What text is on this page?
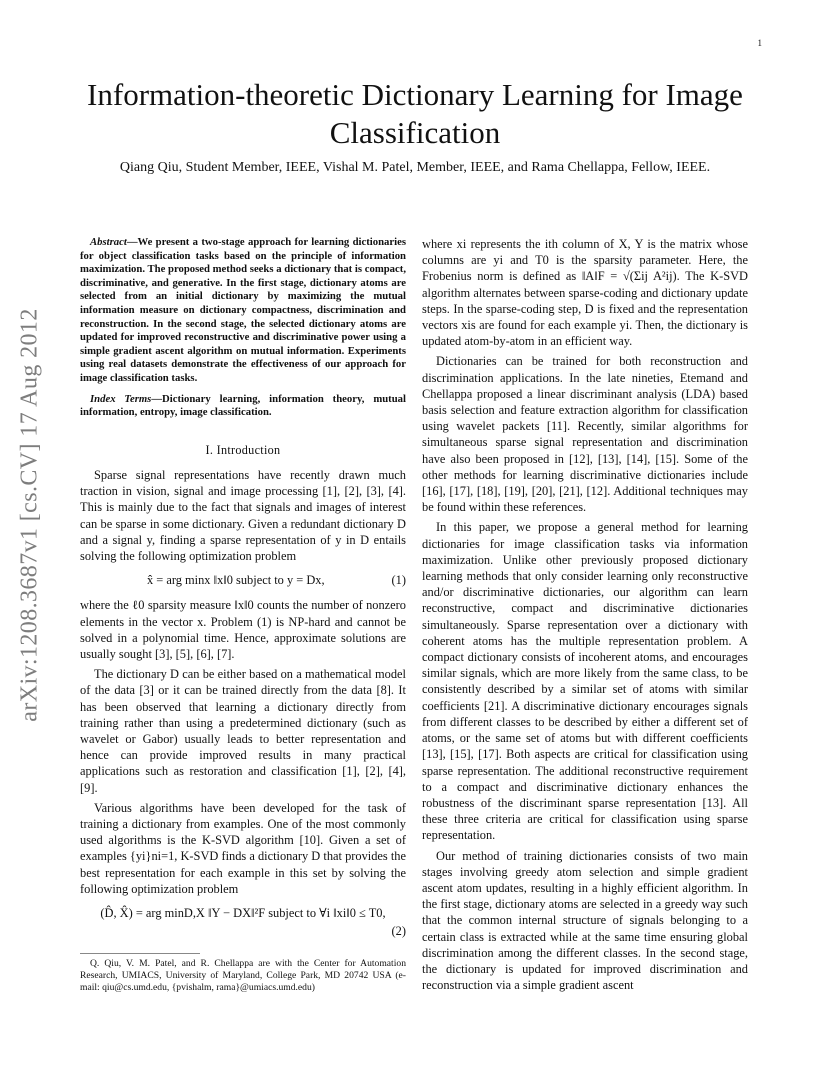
1
arXiv:1208.3687v1 [cs.CV] 17 Aug 2012
Information-theoretic Dictionary Learning for Image Classification
Qiang Qiu, Student Member, IEEE, Vishal M. Patel, Member, IEEE, and Rama Chellappa, Fellow, IEEE.

Abstract—We present a two-stage approach for learning dictionaries for object classification tasks based on the principle of information maximization. The proposed method seeks a dictionary that is compact, discriminative, and generative. In the first stage, dictionary atoms are selected from an initial dictionary by maximizing the mutual information measure on dictionary compactness, discrimination and reconstruction. In the second stage, the selected dictionary atoms are updated for improved reconstructive and discriminative power using a simple gradient ascent algorithm on mutual information. Experiments using real datasets demonstrate the effectiveness of our approach for image classification tasks.

Index Terms—Dictionary learning, information theory, mutual information, entropy, image classification.

I. Introduction

Sparse signal representations have recently drawn much traction in vision, signal and image processing [1], [2], [3], [4]. This is mainly due to the fact that signals and images of interest can be sparse in some dictionary. Given a redundant dictionary D and a signal y, finding a sparse representation of y in D entails solving the following optimization problem

x̂ = arg minx ‖x‖0 subject to y = Dx,	(1)

where the ℓ0 sparsity measure ‖x‖0 counts the number of nonzero elements in the vector x. Problem (1) is NP-hard and cannot be solved in a polynomial time. Hence, approximate solutions are usually sought [3], [5], [6], [7].

The dictionary D can be either based on a mathematical model of the data [3] or it can be trained directly from the data [8]. It has been observed that learning a dictionary directly from training rather than using a predetermined dictionary (such as wavelet or Gabor) usually leads to better representation and hence can provide improved results in many practical applications such as restoration and classification [1], [2], [4], [9].

Various algorithms have been developed for the task of training a dictionary from examples. One of the most commonly used algorithms is the K-SVD algorithm [10]. Given a set of examples {yi}ni=1, K-SVD finds a dictionary D that provides the best representation for each example in this set by solving the following optimization problem

(D̂, X̂) = arg minD,X ‖Y − DX‖²F subject to ∀i ‖xi‖0 ≤ T0,
(2)

Q. Qiu, V. M. Patel, and R. Chellappa are with the Center for Automation Research, UMIACS, University of Maryland, College Park, MD 20742 USA (e-mail: qiu@cs.umd.edu, {pvishalm, rama}@umiacs.umd.edu)

where xi represents the ith column of X, Y is the matrix whose columns are yi and T0 is the sparsity parameter. Here, the Frobenius norm is defined as ‖A‖F = √(Σij A²ij). The K-SVD algorithm alternates between sparse-coding and dictionary update steps. In the sparse-coding step, D is fixed and the representation vectors xis are found for each example yi. Then, the dictionary is updated atom-by-atom in an efficient way.

Dictionaries can be trained for both reconstruction and discrimination applications. In the late nineties, Etemand and Chellappa proposed a linear discriminant analysis (LDA) based basis selection and feature extraction algorithm for classification using wavelet packets [11]. Recently, similar algorithms for simultaneous sparse signal representation and discrimination have also been proposed in [12], [13], [14], [15]. Some of the other methods for learning discriminative dictionaries include [16], [17], [18], [19], [20], [21], [12]. Additional techniques may be found within these references.

In this paper, we propose a general method for learning dictionaries for image classification tasks via information maximization. Unlike other previously proposed dictionary learning methods that only consider learning only reconstructive and/or discriminative dictionaries, our algorithm can learn reconstructive, compact and discriminative dictionaries simultaneously. Sparse representation over a dictionary with coherent atoms has the multiple representation problem. A compact dictionary consists of incoherent atoms, and encourages similar signals, which are more likely from the same class, to be consistently described by a similar set of atoms with similar coefficients [21]. A discriminative dictionary encourages signals from different classes to be described by either a different set of atoms, or the same set of atoms but with different coefficients [13], [15], [17]. Both aspects are critical for classification using sparse representation. The additional reconstructive requirement to a compact and discriminative dictionary enhances the robustness of the discriminant sparse representation [13]. All these three criteria are critical for classification using sparse representation.

Our method of training dictionaries consists of two main stages involving greedy atom selection and simple gradient ascent atom updates, resulting in a highly efficient algorithm. In the first stage, dictionary atoms are selected in a greedy way such that the common internal structure of signals belonging to a certain class is extracted while at the same time ensuring global discrimination among the different classes. In the second stage, the dictionary is updated for improved discrimination and reconstruction via a simple gradient ascent
